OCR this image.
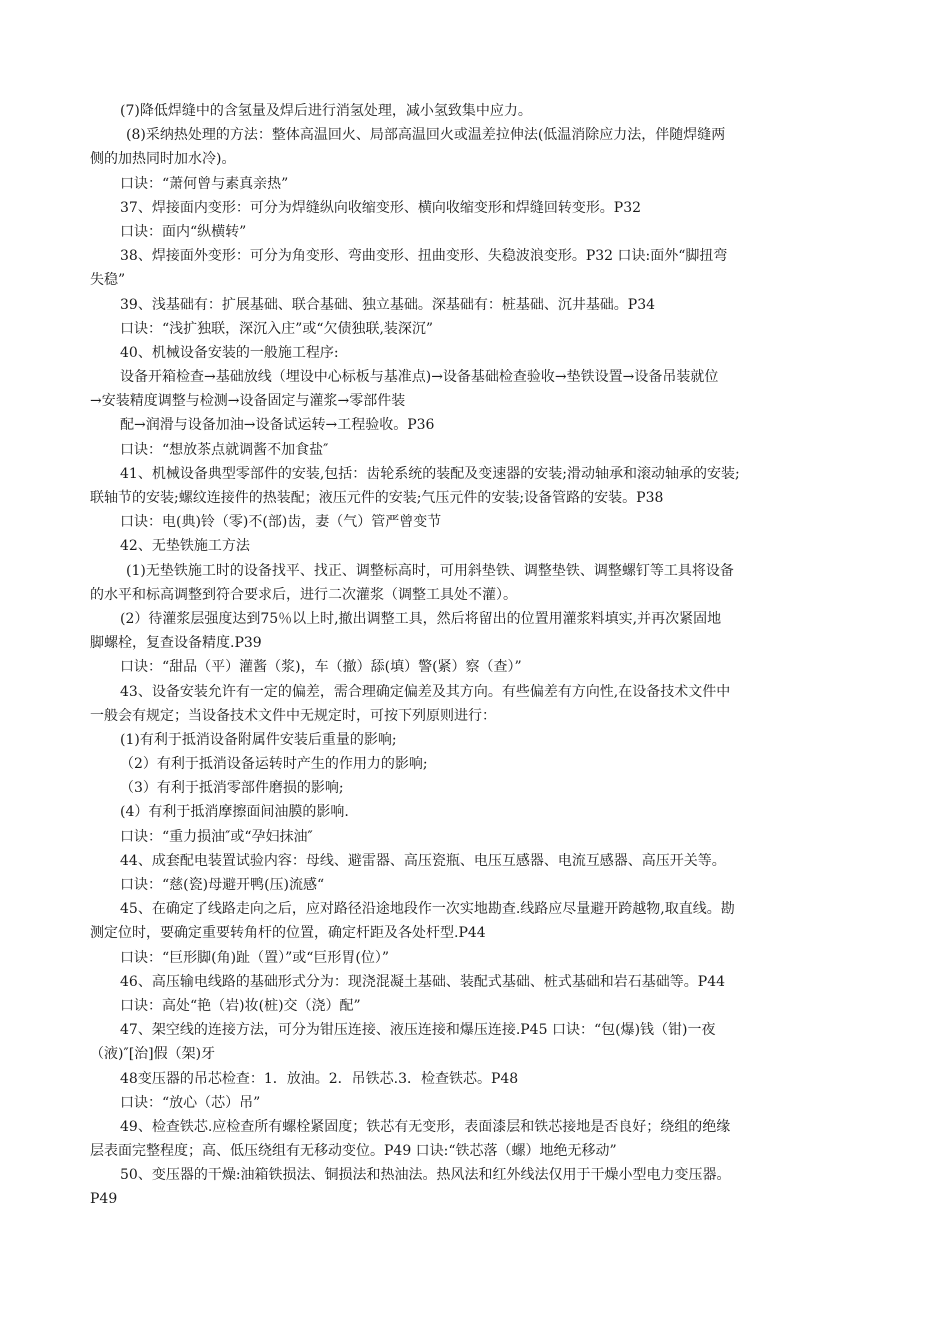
(7)降低焊缝中的含氢量及焊后进行消氢处理，减小氢致集中应力。
(8)采纳热处理的方法：整体高温回火、局部高温回火或温差拉伸法(低温消除应力法，伴随焊缝两
侧的加热同时加水冷)。
口诀：“萧何曾与素真亲热”
37、焊接面内变形：可分为焊缝纵向收缩变形、横向收缩变形和焊缝回转变形。P32
口诀：面内“纵横转”
38、焊接面外变形：可分为角变形、弯曲变形、扭曲变形、失稳波浪变形。P32 口诀:面外“脚扭弯
失稳”
39、浅基础有：扩展基础、联合基础、独立基础。深基础有：桩基础、沉井基础。P34
口诀：“浅扩独联，深沉入庄”或“欠债独联,装深沉”
40、机械设备安装的一般施工程序:
设备开箱检查→基础放线（埋设中心标板与基准点)→设备基础检查验收→垫铁设置→设备吊装就位
→安装精度调整与检测→设备固定与灌浆→零部件装
配→润滑与设备加油→设备试运转→工程验收。P36
口诀：“想放茶点就调酱不加食盐″
41、机械设备典型零部件的安装,包括：齿轮系统的装配及变速器的安装;滑动轴承和滚动轴承的安装;
联轴节的安装;螺纹连接件的热装配；液压元件的安装;气压元件的安装;设备管路的安装。P38
口诀：电(典)铃（零)不(部)齿，妻（气）管严曾变节
42、无垫铁施工方法
(1)无垫铁施工时的设备找平、找正、调整标高时，可用斜垫铁、调整垫铁、调整螺钉等工具将设备
的水平和标高调整到符合要求后，进行二次灌浆（调整工具处不灌）。
(2）待灌浆层强度达到75％以上时,撤出调整工具，然后将留出的位置用灌浆料填实,并再次紧固地
脚螺栓，复查设备精度.P39
口诀：“甜品（平）灌酱（浆)，车（撤）舔(填）警(紧）察（查）”
43、设备安装允许有一定的偏差，需合理确定偏差及其方向。有些偏差有方向性,在设备技术文件中
一般会有规定；当设备技术文件中无规定时，可按下列原则进行：
(1)有利于抵消设备附属件安装后重量的影响;
（2）有利于抵消设备运转时产生的作用力的影响;
（3）有利于抵消零部件磨损的影响;
(4）有利于抵消摩擦面间油膜的影响.
口诀：“重力损油″或“孕妇抹油″
44、成套配电装置试验内容：母线、避雷器、高压瓷瓶、电压互感器、电流互感器、高压开关等。
口诀：“慈(瓷)母避开鸭(压)流感“
45、在确定了线路走向之后，应对路径沿途地段作一次实地勘查.线路应尽量避开跨越物,取直线。勘
测定位时，要确定重要转角杆的位置，确定杆距及各处杆型.P44
口诀：“巨形脚(角)趾（置）”或“巨形胃(位）”
46、高压输电线路的基础形式分为：现浇混凝土基础、装配式基础、桩式基础和岩石基础等。P44
口诀：高处“艳（岩)妆(桩)交（浇）配”
47、架空线的连接方法，可分为钳压连接、液压连接和爆压连接.P45 口诀：“包(爆)钱（钳)一夜
（液)″[治]假（架)牙
48变压器的吊芯检查：1．放油。2．吊铁芯.3．检查铁芯。P48
口诀：“放心（芯）吊”
49、检查铁芯.应检查所有螺栓紧固度；铁芯有无变形，表面漆层和铁芯接地是否良好；绕组的绝缘
层表面完整程度；高、低压绕组有无移动变位。P49 口诀:“铁芯落（螺）地绝无移动”
50、变压器的干燥:油箱铁损法、铜损法和热油法。热风法和红外线法仅用于干燥小型电力变压器。
P49
